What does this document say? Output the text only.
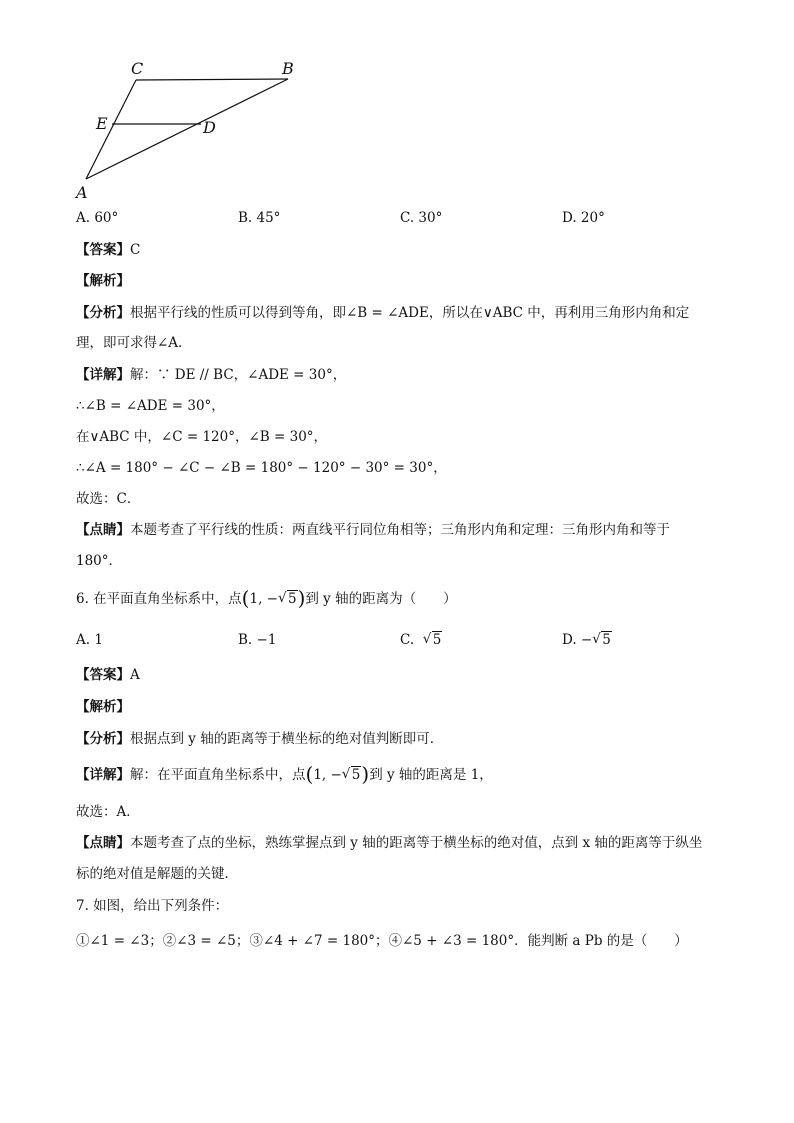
C	B
E	D
A
A. 60°	B. 45°	C. 30°	D. 20°
【答案】C
【解析】
【分析】根据平行线的性质可以得到等角，即∠B = ∠ADE，所以在∨ABC 中，再利用三角形内角和定
理，即可求得∠A．
【详解】解：∵ DE // BC，∠ADE = 30°，
∴∠B = ∠ADE = 30°，
在∨ABC 中，∠C = 120°，∠B = 30°，
∴∠A = 180° − ∠C − ∠B = 180° − 120° − 30° = 30°，
故选：C．
【点睛】本题考查了平行线的性质：两直线平行同位角相等；三角形内角和定理：三角形内角和等于
180°．
6. 在平面直角坐标系中，点(1, − √ 5)到 y 轴的距离为（　　）
A. 1	B. −1	C. √ 5	D. − √ 5
【答案】A
【解析】
【分析】根据点到 y 轴的距离等于横坐标的绝对值判断即可．
【详解】解：在平面直角坐标系中，点(1, − √ 5)到 y 轴的距离是 1，
故选：A．
【点睛】本题考查了点的坐标，熟练掌握点到 y 轴的距离等于横坐标的绝对值，点到 x 轴的距离等于纵坐
标的绝对值是解题的关键．
7. 如图，给出下列条件：
①∠1 = ∠3；②∠3 = ∠5；③∠4 + ∠7 = 180°；④∠5 + ∠3 = 180°．能判断 a Pb 的是（　　）
